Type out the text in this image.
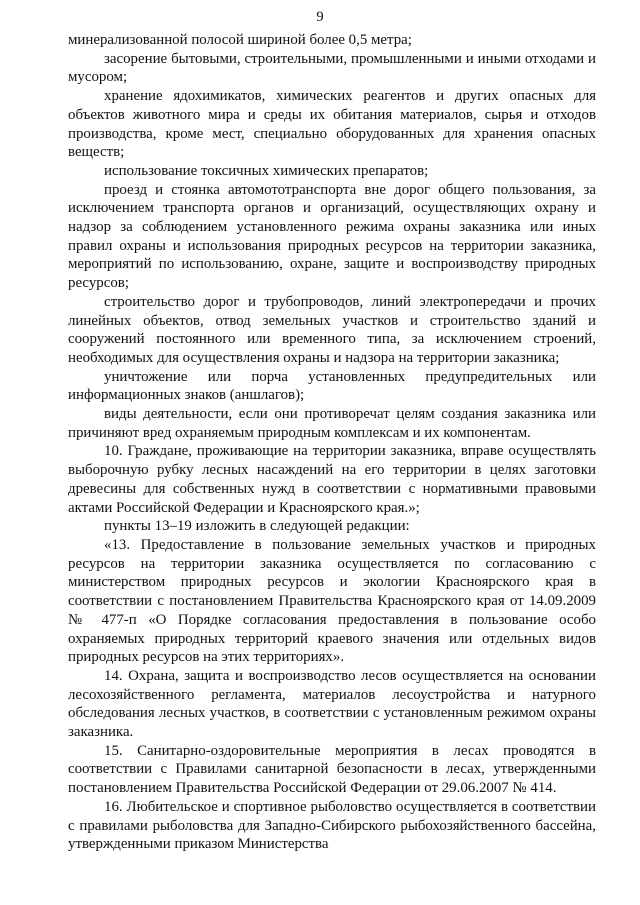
9

минерализованной полосой шириной более 0,5 метра;

засорение бытовыми, строительными, промышленными и иными отходами и мусором;

хранение ядохимикатов, химических реагентов и других опасных для объектов животного мира и среды их обитания материалов, сырья и отходов производства, кроме мест, специально оборудованных для хранения опасных веществ;

использование токсичных химических препаратов;

проезд и стоянка автомототранспорта вне дорог общего пользования, за исключением транспорта органов и организаций, осуществляющих охрану и надзор за соблюдением установленного режима охраны заказника или иных правил охраны и использования природных ресурсов на территории заказника, мероприятий по использованию, охране, защите и воспроизводству природных ресурсов;

строительство дорог и трубопроводов, линий электропередачи и прочих линейных объектов, отвод земельных участков и строительство зданий и сооружений постоянного или временного типа, за исключением строений, необходимых для осуществления охраны и надзора на территории заказника;

уничтожение или порча установленных предупредительных или информационных знаков (аншлагов);

виды деятельности, если они противоречат целям создания заказника или причиняют вред охраняемым природным комплексам и их компонентам.

10. Граждане, проживающие на территории заказника, вправе осуществлять выборочную рубку лесных насаждений на его территории в целях заготовки древесины для собственных нужд в соответствии с нормативными правовыми актами Российской Федерации и Красноярского края.»;

пункты 13–19 изложить в следующей редакции:

«13. Предоставление в пользование земельных участков и природных ресурсов на территории заказника осуществляется по согласованию с министерством природных ресурсов и экологии Красноярского края в соответствии с постановлением Правительства Красноярского края от 14.09.2009 № 477-п «О Порядке согласования предоставления в пользование особо охраняемых природных территорий краевого значения или отдельных видов природных ресурсов на этих территориях».

14. Охрана, защита и воспроизводство лесов осуществляется на основании лесохозяйственного регламента, материалов лесоустройства и натурного обследования лесных участков, в соответствии с установленным режимом охраны заказника.

15. Санитарно-оздоровительные мероприятия в лесах проводятся в соответствии с Правилами санитарной безопасности в лесах, утвержденными постановлением Правительства Российской Федерации от 29.06.2007 № 414.

16. Любительское и спортивное рыболовство осуществляется в соответствии с правилами рыболовства для Западно-Сибирского рыбохозяйственного бассейна, утвержденными приказом Министерства
